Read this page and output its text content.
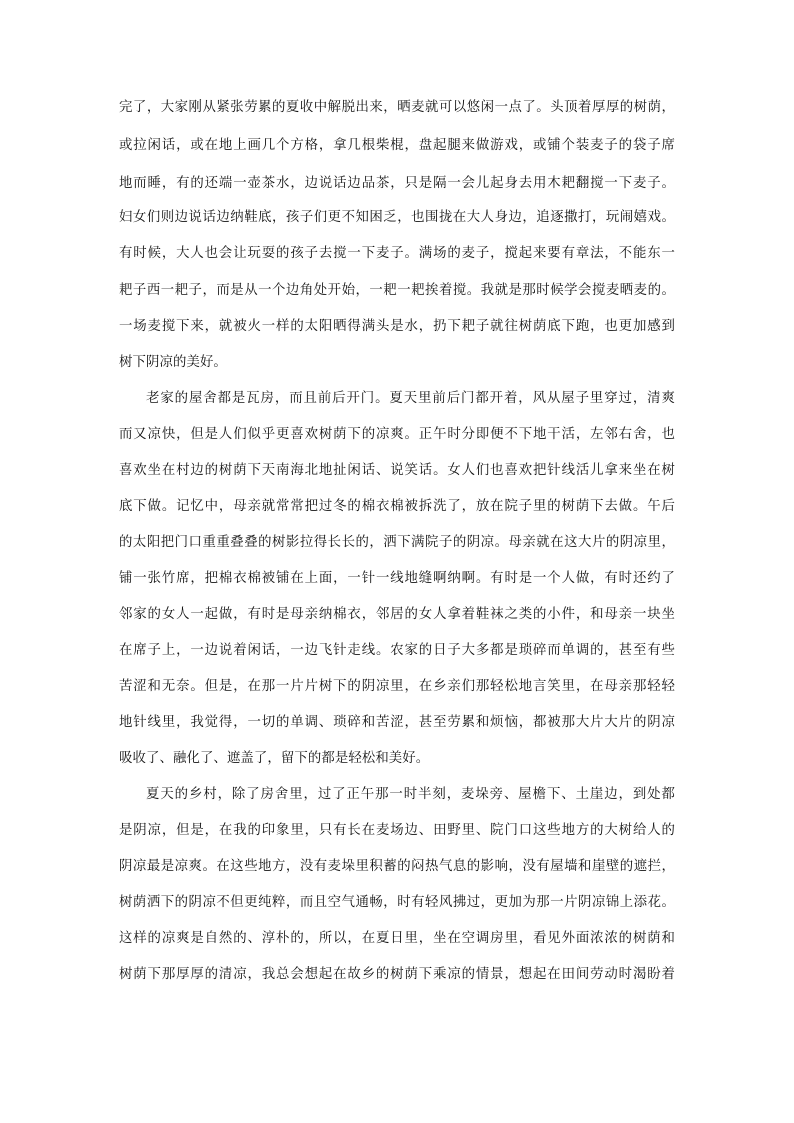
完了，大家刚从紧张劳累的夏收中解脱出来，晒麦就可以悠闲一点了。头顶着厚厚的树荫，
或拉闲话，或在地上画几个方格，拿几根柴棍，盘起腿来做游戏，或铺个装麦子的袋子席
地而睡，有的还端一壶茶水，边说话边品茶，只是隔一会儿起身去用木耙翻搅一下麦子。
妇女们则边说话边纳鞋底，孩子们更不知困乏，也围拢在大人身边，追逐撒打，玩闹嬉戏。
有时候，大人也会让玩耍的孩子去搅一下麦子。满场的麦子，搅起来要有章法，不能东一
耙子西一耙子，而是从一个边角处开始，一耙一耙挨着搅。我就是那时候学会搅麦晒麦的。
一场麦搅下来，就被火一样的太阳晒得满头是水，扔下耙子就往树荫底下跑，也更加感到
树下阴凉的美好。
老家的屋舍都是瓦房，而且前后开门。夏天里前后门都开着，风从屋子里穿过，清爽
而又凉快，但是人们似乎更喜欢树荫下的凉爽。正午时分即便不下地干活，左邻右舍，也
喜欢坐在村边的树荫下天南海北地扯闲话、说笑话。女人们也喜欢把针线活儿拿来坐在树
底下做。记忆中，母亲就常常把过冬的棉衣棉被拆洗了，放在院子里的树荫下去做。午后
的太阳把门口重重叠叠的树影拉得长长的，洒下满院子的阴凉。母亲就在这大片的阴凉里，
铺一张竹席，把棉衣棉被铺在上面，一针一线地缝啊纳啊。有时是一个人做，有时还约了
邻家的女人一起做，有时是母亲纳棉衣，邻居的女人拿着鞋袜之类的小件，和母亲一块坐
在席子上，一边说着闲话，一边飞针走线。农家的日子大多都是琐碎而单调的，甚至有些
苦涩和无奈。但是，在那一片片树下的阴凉里，在乡亲们那轻松地言笑里，在母亲那轻轻
地针线里，我觉得，一切的单调、琐碎和苦涩，甚至劳累和烦恼，都被那大片大片的阴凉
吸收了、融化了、遮盖了，留下的都是轻松和美好。
夏天的乡村，除了房舍里，过了正午那一时半刻，麦垛旁、屋檐下、土崖边，到处都
是阴凉，但是，在我的印象里，只有长在麦场边、田野里、院门口这些地方的大树给人的
阴凉最是凉爽。在这些地方，没有麦垛里积蓄的闷热气息的影响，没有屋墙和崖壁的遮拦，
树荫洒下的阴凉不但更纯粹，而且空气通畅，时有轻风拂过，更加为那一片阴凉锦上添花。
这样的凉爽是自然的、淳朴的，所以，在夏日里，坐在空调房里，看见外面浓浓的树荫和
树荫下那厚厚的清凉，我总会想起在故乡的树荫下乘凉的情景，想起在田间劳动时渴盼着
